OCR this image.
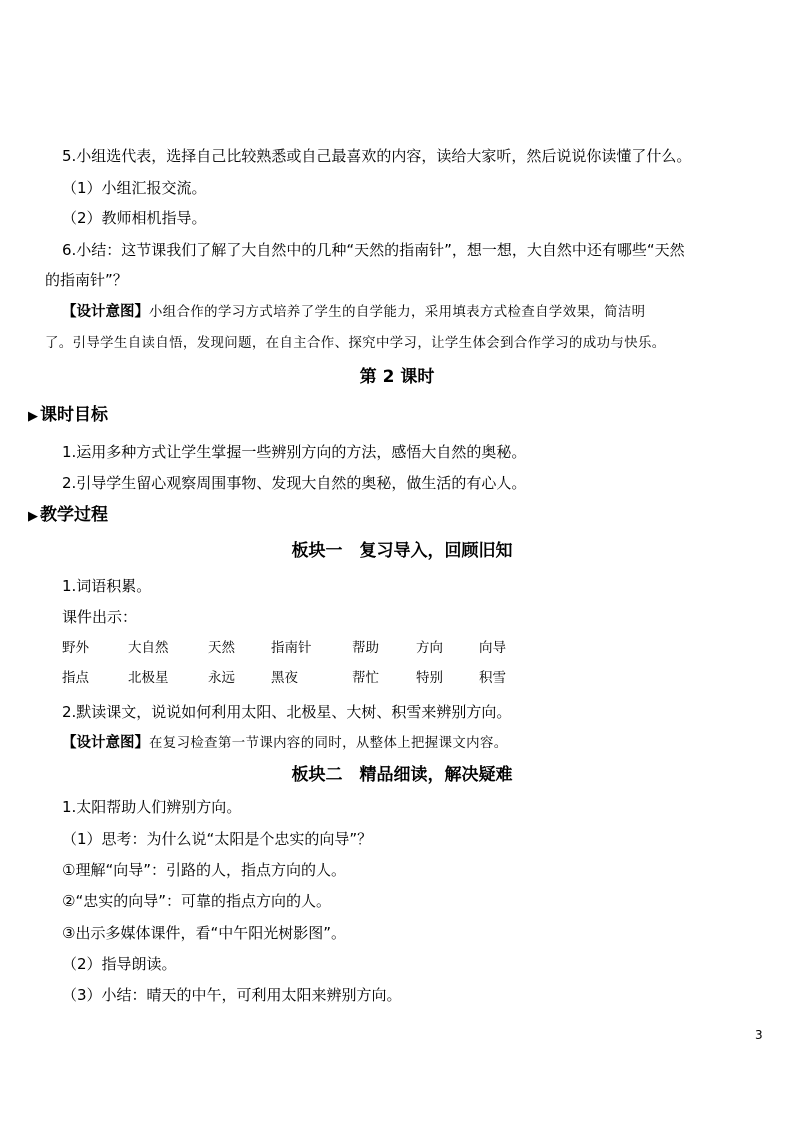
5.小组选代表，选择自己比较熟悉或自己最喜欢的内容，读给大家听，然后说说你读懂了什么。
（1）小组汇报交流。
（2）教师相机指导。
6.小结：这节课我们了解了大自然中的几种“天然的指南针”，想一想，大自然中还有哪些“天然
的指南针”？
【设计意图】小组合作的学习方式培养了学生的自学能力，采用填表方式检查自学效果，简洁明
了。引导学生自读自悟，发现问题，在自主合作、探究中学习，让学生体会到合作学习的成功与快乐。
第 2 课时
▶ 课时目标
1.运用多种方式让学生掌握一些辨别方向的方法，感悟大自然的奥秘。
2.引导学生留心观察周围事物、发现大自然的奥秘，做生活的有心人。
▶ 教学过程
板块一　复习导入，回顾旧知
1.词语积累。
课件出示：
野外	大自然	天然	指南针	帮助	方向	向导
指点	北极星	永远	黑夜	帮忙	特别	积雪
2.默读课文，说说如何利用太阳、北极星、大树、积雪来辨别方向。
【设计意图】在复习检查第一节课内容的同时，从整体上把握课文内容。
板块二　精品细读，解决疑难
1.太阳帮助人们辨别方向。
（1）思考：为什么说“太阳是个忠实的向导”？
①理解“向导”：引路的人，指点方向的人。
②“忠实的向导”：可靠的指点方向的人。
③出示多媒体课件，看“中午阳光树影图”。
（2）指导朗读。
（3）小结：晴天的中午，可利用太阳来辨别方向。
3
